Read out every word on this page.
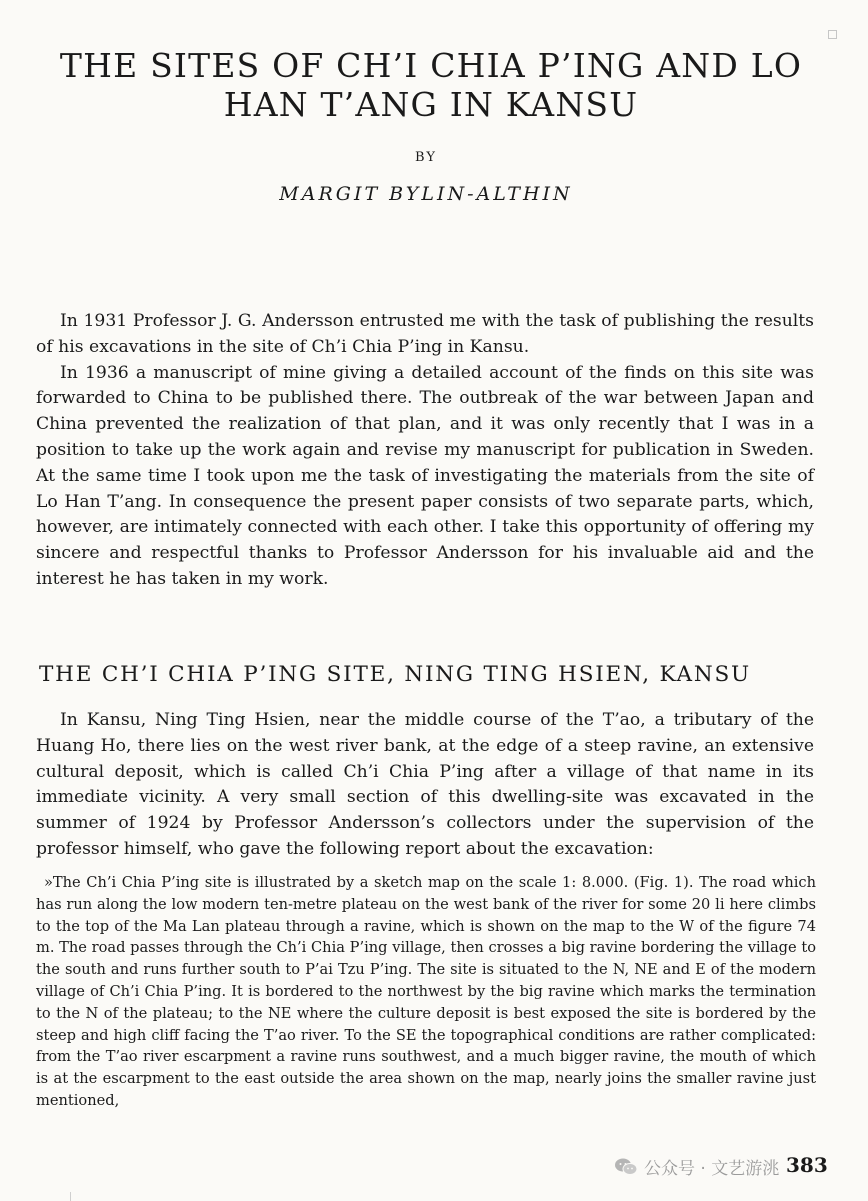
THE SITES OF CH’I CHIA P’ING AND LO
HAN T’ANG IN KANSU
BY
MARGIT BYLIN-ALTHIN

In 1931 Professor J. G. Andersson entrusted me with the task of publishing the results of his excavations in the site of Ch’i Chia P’ing in Kansu.

In 1936 a manuscript of mine giving a detailed account of the finds on this site was forwarded to China to be published there. The outbreak of the war between Japan and China prevented the realization of that plan, and it was only recently that I was in a position to take up the work again and revise my manuscript for publication in Sweden. At the same time I took upon me the task of investigating the materials from the site of Lo Han T’ang. In consequence the present paper consists of two separate parts, which, however, are intimately connected with each other. I take this opportunity of offering my sincere and respectful thanks to Professor Andersson for his invaluable aid and the interest he has taken in my work.

THE CH’I CHIA P’ING SITE, NING TING HSIEN, KANSU

In Kansu, Ning Ting Hsien, near the middle course of the T’ao, a tributary of the Huang Ho, there lies on the west river bank, at the edge of a steep ravine, an extensive cultural deposit, which is called Ch’i Chia P’ing after a village of that name in its immediate vicinity. A very small section of this dwelling-site was excavated in the summer of 1924 by Professor Andersson’s collectors under the supervision of the professor himself, who gave the following report about the excavation:

»The Ch’i Chia P’ing site is illustrated by a sketch map on the scale 1: 8.000. (Fig. 1). The road which has run along the low modern ten-metre plateau on the west bank of the river for some 20 li here climbs to the top of the Ma Lan plateau through a ravine, which is shown on the map to the W of the figure 74 m. The road passes through the Ch’i Chia P’ing village, then crosses a big ravine bordering the village to the south and runs further south to P’ai Tzu P’ing. The site is situated to the N, NE and E of the modern village of Ch’i Chia P’ing. It is bordered to the northwest by the big ravine which marks the termination to the N of the plateau; to the NE where the culture deposit is best exposed the site is bordered by the steep and high cliff facing the T’ao river. To the SE the topographical conditions are rather complicated: from the T’ao river escarpment a ravine runs southwest, and a much bigger ravine, the mouth of which is at the escarpment to the east outside the area shown on the map, nearly joins the smaller ravine just mentioned,

公众号 · 文艺游洮 383
